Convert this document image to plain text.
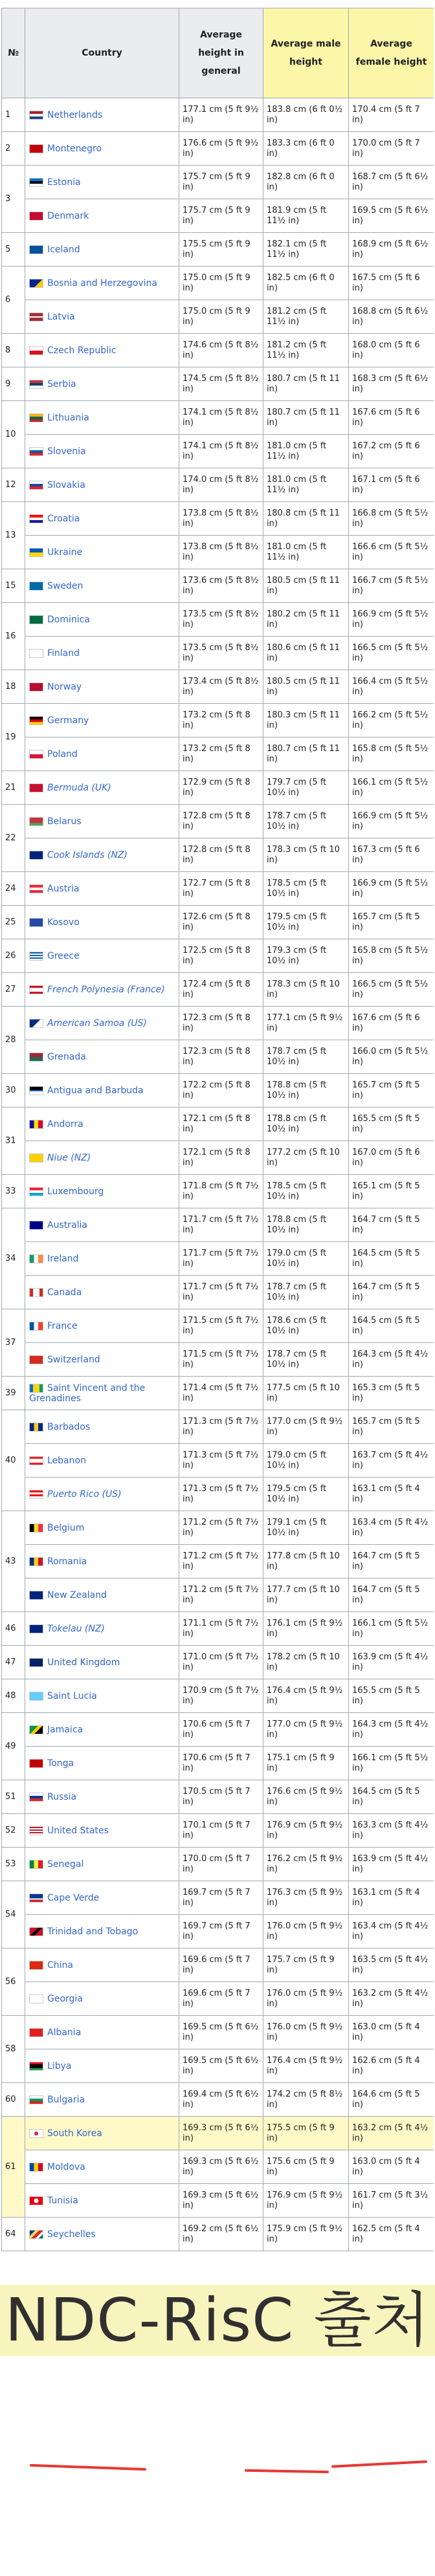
№	Country	Average height in general	Average male height	Average female height
1	Netherlands	177.1 cm (5 ft 9½ in)	183.8 cm (6 ft 0½ in)	170.4 cm (5 ft 7 in)
2	Montenegro	176.6 cm (5 ft 9½ in)	183.3 cm (6 ft 0 in)	170.0 cm (5 ft 7 in)
3	Estonia	175.7 cm (5 ft 9 in)	182.8 cm (6 ft 0 in)	168.7 cm (5 ft 6½ in)
	Denmark	175.7 cm (5 ft 9 in)	181.9 cm (5 ft 11½ in)	169.5 cm (5 ft 6½ in)
5	Iceland	175.5 cm (5 ft 9 in)	182.1 cm (5 ft 11½ in)	168.9 cm (5 ft 6½ in)
6	Bosnia and Herzegovina	175.0 cm (5 ft 9 in)	182.5 cm (6 ft 0 in)	167.5 cm (5 ft 6 in)
	Latvia	175.0 cm (5 ft 9 in)	181.2 cm (5 ft 11½ in)	168.8 cm (5 ft 6½ in)
8	Czech Republic	174.6 cm (5 ft 8½ in)	181.2 cm (5 ft 11½ in)	168.0 cm (5 ft 6 in)
9	Serbia	174.5 cm (5 ft 8½ in)	180.7 cm (5 ft 11 in)	168.3 cm (5 ft 6½ in)
10	Lithuania	174.1 cm (5 ft 8½ in)	180.7 cm (5 ft 11 in)	167.6 cm (5 ft 6 in)
	Slovenia	174.1 cm (5 ft 8½ in)	181.0 cm (5 ft 11½ in)	167.2 cm (5 ft 6 in)
12	Slovakia	174.0 cm (5 ft 8½ in)	181.0 cm (5 ft 11½ in)	167.1 cm (5 ft 6 in)
13	Croatia	173.8 cm (5 ft 8½ in)	180.8 cm (5 ft 11 in)	166.8 cm (5 ft 5½ in)
	Ukraine	173.8 cm (5 ft 8½ in)	181.0 cm (5 ft 11½ in)	166.6 cm (5 ft 5½ in)
15	Sweden	173.6 cm (5 ft 8½ in)	180.5 cm (5 ft 11 in)	166.7 cm (5 ft 5½ in)
16	Dominica	173.5 cm (5 ft 8½ in)	180.2 cm (5 ft 11 in)	166.9 cm (5 ft 5½ in)
	Finland	173.5 cm (5 ft 8½ in)	180.6 cm (5 ft 11 in)	166.5 cm (5 ft 5½ in)
18	Norway	173.4 cm (5 ft 8½ in)	180.5 cm (5 ft 11 in)	166.4 cm (5 ft 5½ in)
19	Germany	173.2 cm (5 ft 8 in)	180.3 cm (5 ft 11 in)	166.2 cm (5 ft 5½ in)
	Poland	173.2 cm (5 ft 8 in)	180.7 cm (5 ft 11 in)	165.8 cm (5 ft 5½ in)
21	Bermuda (UK)	172.9 cm (5 ft 8 in)	179.7 cm (5 ft 10½ in)	166.1 cm (5 ft 5½ in)
22	Belarus	172.8 cm (5 ft 8 in)	178.7 cm (5 ft 10½ in)	166.9 cm (5 ft 5½ in)
	Cook Islands (NZ)	172.8 cm (5 ft 8 in)	178.3 cm (5 ft 10 in)	167.3 cm (5 ft 6 in)
24	Austria	172.7 cm (5 ft 8 in)	178.5 cm (5 ft 10½ in)	166.9 cm (5 ft 5½ in)
25	Kosovo	172.6 cm (5 ft 8 in)	179.5 cm (5 ft 10½ in)	165.7 cm (5 ft 5 in)
26	Greece	172.5 cm (5 ft 8 in)	179.3 cm (5 ft 10½ in)	165.8 cm (5 ft 5½ in)
27	French Polynesia (France)	172.4 cm (5 ft 8 in)	178.3 cm (5 ft 10 in)	166.5 cm (5 ft 5½ in)
28	American Samoa (US)	172.3 cm (5 ft 8 in)	177.1 cm (5 ft 9½ in)	167.6 cm (5 ft 6 in)
	Grenada	172.3 cm (5 ft 8 in)	178.7 cm (5 ft 10½ in)	166.0 cm (5 ft 5½ in)
30	Antigua and Barbuda	172.2 cm (5 ft 8 in)	178.8 cm (5 ft 10½ in)	165.7 cm (5 ft 5 in)
31	Andorra	172.1 cm (5 ft 8 in)	178.8 cm (5 ft 10½ in)	165.5 cm (5 ft 5 in)
	Niue (NZ)	172.1 cm (5 ft 8 in)	177.2 cm (5 ft 10 in)	167.0 cm (5 ft 6 in)
33	Luxembourg	171.8 cm (5 ft 7½ in)	178.5 cm (5 ft 10½ in)	165.1 cm (5 ft 5 in)
34	Australia	171.7 cm (5 ft 7½ in)	178.8 cm (5 ft 10½ in)	164.7 cm (5 ft 5 in)
	Ireland	171.7 cm (5 ft 7½ in)	179.0 cm (5 ft 10½ in)	164.5 cm (5 ft 5 in)
	Canada	171.7 cm (5 ft 7½ in)	178.7 cm (5 ft 10½ in)	164.7 cm (5 ft 5 in)
37	France	171.5 cm (5 ft 7½ in)	178.6 cm (5 ft 10½ in)	164.5 cm (5 ft 5 in)
	Switzerland	171.5 cm (5 ft 7½ in)	178.7 cm (5 ft 10½ in)	164.3 cm (5 ft 4½ in)
39	Saint Vincent and the Grenadines	171.4 cm (5 ft 7½ in)	177.5 cm (5 ft 10 in)	165.3 cm (5 ft 5 in)
40	Barbados	171.3 cm (5 ft 7½ in)	177.0 cm (5 ft 9½ in)	165.7 cm (5 ft 5 in)
	Lebanon	171.3 cm (5 ft 7½ in)	179.0 cm (5 ft 10½ in)	163.7 cm (5 ft 4½ in)
	Puerto Rico (US)	171.3 cm (5 ft 7½ in)	179.5 cm (5 ft 10½ in)	163.1 cm (5 ft 4 in)
43	Belgium	171.2 cm (5 ft 7½ in)	179.1 cm (5 ft 10½ in)	163.4 cm (5 ft 4½ in)
	Romania	171.2 cm (5 ft 7½ in)	177.8 cm (5 ft 10 in)	164.7 cm (5 ft 5 in)
	New Zealand	171.2 cm (5 ft 7½ in)	177.7 cm (5 ft 10 in)	164.7 cm (5 ft 5 in)
46	Tokelau (NZ)	171.1 cm (5 ft 7½ in)	176.1 cm (5 ft 9½ in)	166.1 cm (5 ft 5½ in)
47	United Kingdom	171.0 cm (5 ft 7½ in)	178.2 cm (5 ft 10 in)	163.9 cm (5 ft 4½ in)
48	Saint Lucia	170.9 cm (5 ft 7½ in)	176.4 cm (5 ft 9½ in)	165.5 cm (5 ft 5 in)
49	Jamaica	170.6 cm (5 ft 7 in)	177.0 cm (5 ft 9½ in)	164.3 cm (5 ft 4½ in)
	Tonga	170.6 cm (5 ft 7 in)	175.1 cm (5 ft 9 in)	166.1 cm (5 ft 5½ in)
51	Russia	170.5 cm (5 ft 7 in)	176.6 cm (5 ft 9½ in)	164.5 cm (5 ft 5 in)
52	United States	170.1 cm (5 ft 7 in)	176.9 cm (5 ft 9½ in)	163.3 cm (5 ft 4½ in)
53	Senegal	170.0 cm (5 ft 7 in)	176.2 cm (5 ft 9½ in)	163.9 cm (5 ft 4½ in)
54	Cape Verde	169.7 cm (5 ft 7 in)	176.3 cm (5 ft 9½ in)	163.1 cm (5 ft 4 in)
	Trinidad and Tobago	169.7 cm (5 ft 7 in)	176.0 cm (5 ft 9½ in)	163.4 cm (5 ft 4½ in)
56	China	169.6 cm (5 ft 7 in)	175.7 cm (5 ft 9 in)	163.5 cm (5 ft 4½ in)
	Georgia	169.6 cm (5 ft 7 in)	176.0 cm (5 ft 9½ in)	163.2 cm (5 ft 4½ in)
58	Albania	169.5 cm (5 ft 6½ in)	176.0 cm (5 ft 9½ in)	163.0 cm (5 ft 4 in)
	Libya	169.5 cm (5 ft 6½ in)	176.4 cm (5 ft 9½ in)	162.6 cm (5 ft 4 in)
60	Bulgaria	169.4 cm (5 ft 6½ in)	174.2 cm (5 ft 8½ in)	164.6 cm (5 ft 5 in)
61	South Korea	169.3 cm (5 ft 6½ in)	175.5 cm (5 ft 9 in)	163.2 cm (5 ft 4½ in)
	Moldova	169.3 cm (5 ft 6½ in)	175.6 cm (5 ft 9 in)	163.0 cm (5 ft 4 in)
	Tunisia	169.3 cm (5 ft 6½ in)	176.9 cm (5 ft 9½ in)	161.7 cm (5 ft 3½ in)
64	Seychelles	169.2 cm (5 ft 6½ in)	175.9 cm (5 ft 9½ in)	162.5 cm (5 ft 4 in)
NDC-RisC 출처
